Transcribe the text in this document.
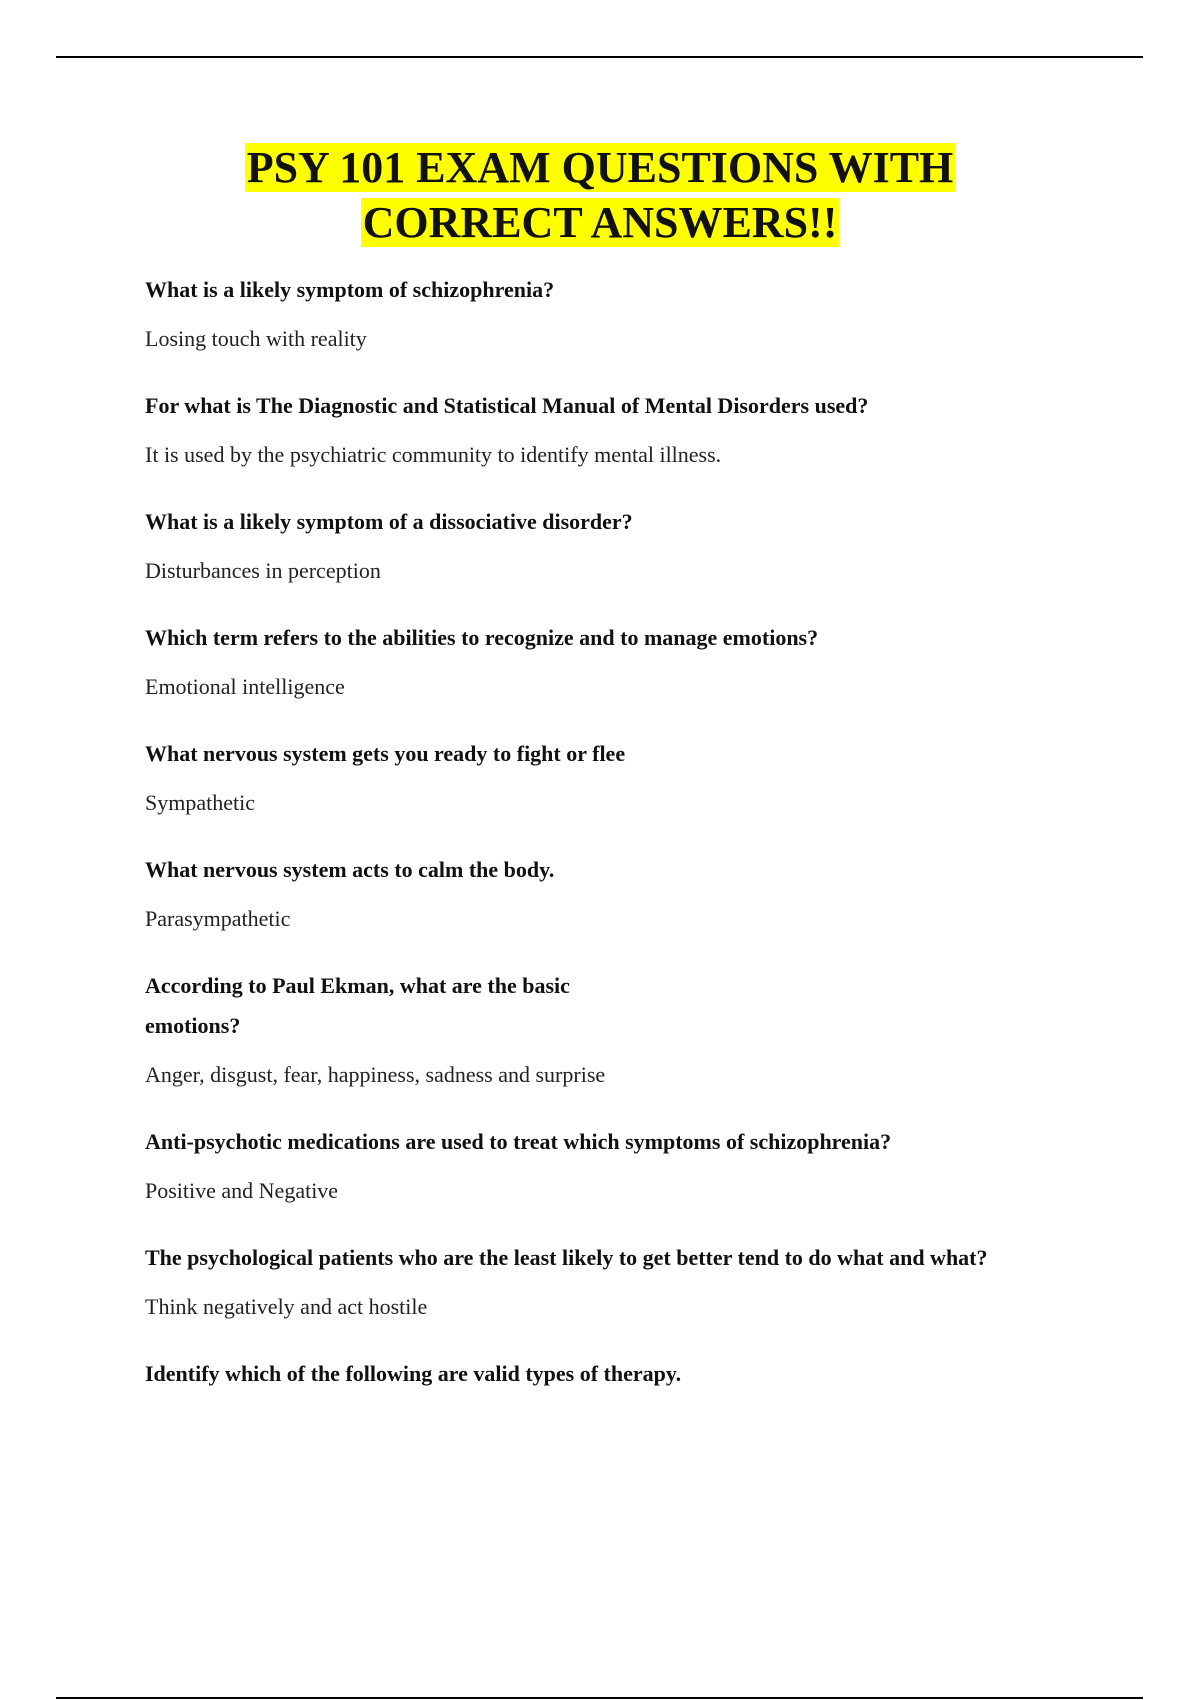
PSY 101 EXAM QUESTIONS WITH
CORRECT ANSWERS!!

What is a likely symptom of schizophrenia?

Losing touch with reality

For what is The Diagnostic and Statistical Manual of Mental Disorders used?

It is used by the psychiatric community to identify mental illness.

What is a likely symptom of a dissociative disorder?

Disturbances in perception

Which term refers to the abilities to recognize and to manage emotions?

Emotional intelligence

What nervous system gets you ready to fight or flee

Sympathetic

What nervous system acts to calm the body.

Parasympathetic

According to Paul Ekman, what are the basic emotions?

Anger, disgust, fear, happiness, sadness and surprise

Anti-psychotic medications are used to treat which symptoms of schizophrenia?

Positive and Negative

The psychological patients who are the least likely to get better tend to do what and what?

Think negatively and act hostile

Identify which of the following are valid types of therapy.
